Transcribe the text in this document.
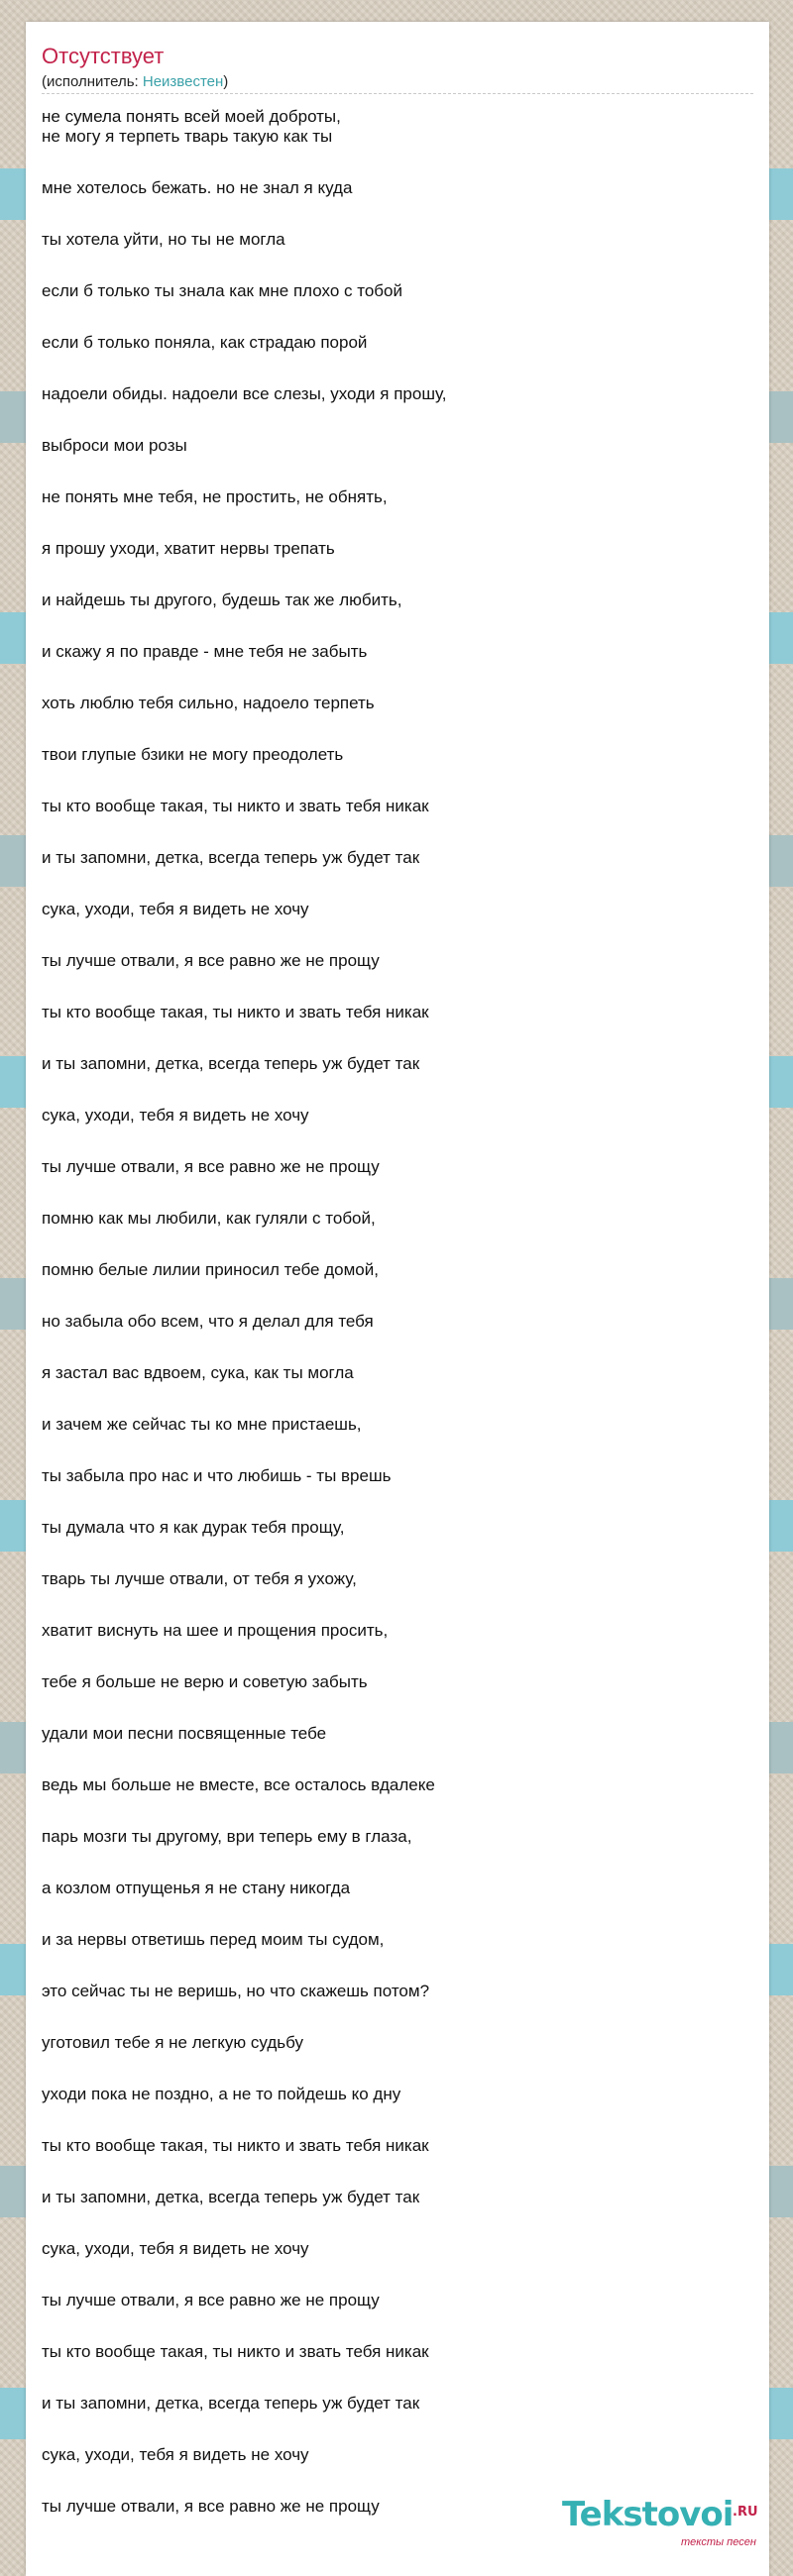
Отсутствует
(исполнитель: Неизвестен)
не сумела понять всей моей доброты,
не могу я терпеть тварь такую как ты
мне хотелось бежать. но не знал я куда
ты хотела уйти, но ты не могла
если б только ты знала как мне плохо с тобой
если б только поняла, как страдаю порой
надоели обиды. надоели все слезы, уходи я прошу,
выброси мои розы
не понять мне тебя, не простить, не обнять,
я прошу уходи, хватит нервы трепать
и найдешь ты другого, будешь так же любить,
и скажу я по правде - мне тебя не забыть
хоть люблю тебя сильно, надоело терпеть
твои глупые бзики не могу преодолеть
ты кто вообще такая, ты никто и звать тебя никак
и ты запомни, детка, всегда теперь уж будет так
сука, уходи, тебя я видеть не хочу
ты лучше отвали, я все равно же не прощу
ты кто вообще такая, ты никто и звать тебя никак
и ты запомни, детка, всегда теперь уж будет так
сука, уходи, тебя я видеть не хочу
ты лучше отвали, я все равно же не прощу
помню как мы любили, как гуляли с тобой,
помню белые лилии приносил тебе домой,
но забыла обо всем, что я делал для тебя
я застал вас вдвоем, сука, как ты могла
и зачем же сейчас ты ко мне пристаешь,
ты забыла про нас и что любишь - ты врешь
ты думала что я как дурак тебя прощу,
тварь ты лучше отвали, от тебя я ухожу,
хватит виснуть на шее и прощения просить,
тебе я больше не верю и советую забыть
удали мои песни посвященные тебе
ведь мы больше не вместе, все осталось вдалеке
парь мозги ты другому, ври теперь ему в глаза,
а козлом отпущенья я не стану никогда
и за нервы ответишь перед моим ты судом,
это сейчас ты не веришь, но что скажешь потом?
уготовил тебе я не легкую судьбу
уходи пока не поздно, а не то пойдешь ко дну
ты кто вообще такая, ты никто и звать тебя никак
и ты запомни, детка, всегда теперь уж будет так
сука, уходи, тебя я видеть не хочу
ты лучше отвали, я все равно же не прощу
ты кто вообще такая, ты никто и звать тебя никак
и ты запомни, детка, всегда теперь уж будет так
сука, уходи, тебя я видеть не хочу
ты лучше отвали, я все равно же не прощу	Tekstovoi .RU
тексты песен
